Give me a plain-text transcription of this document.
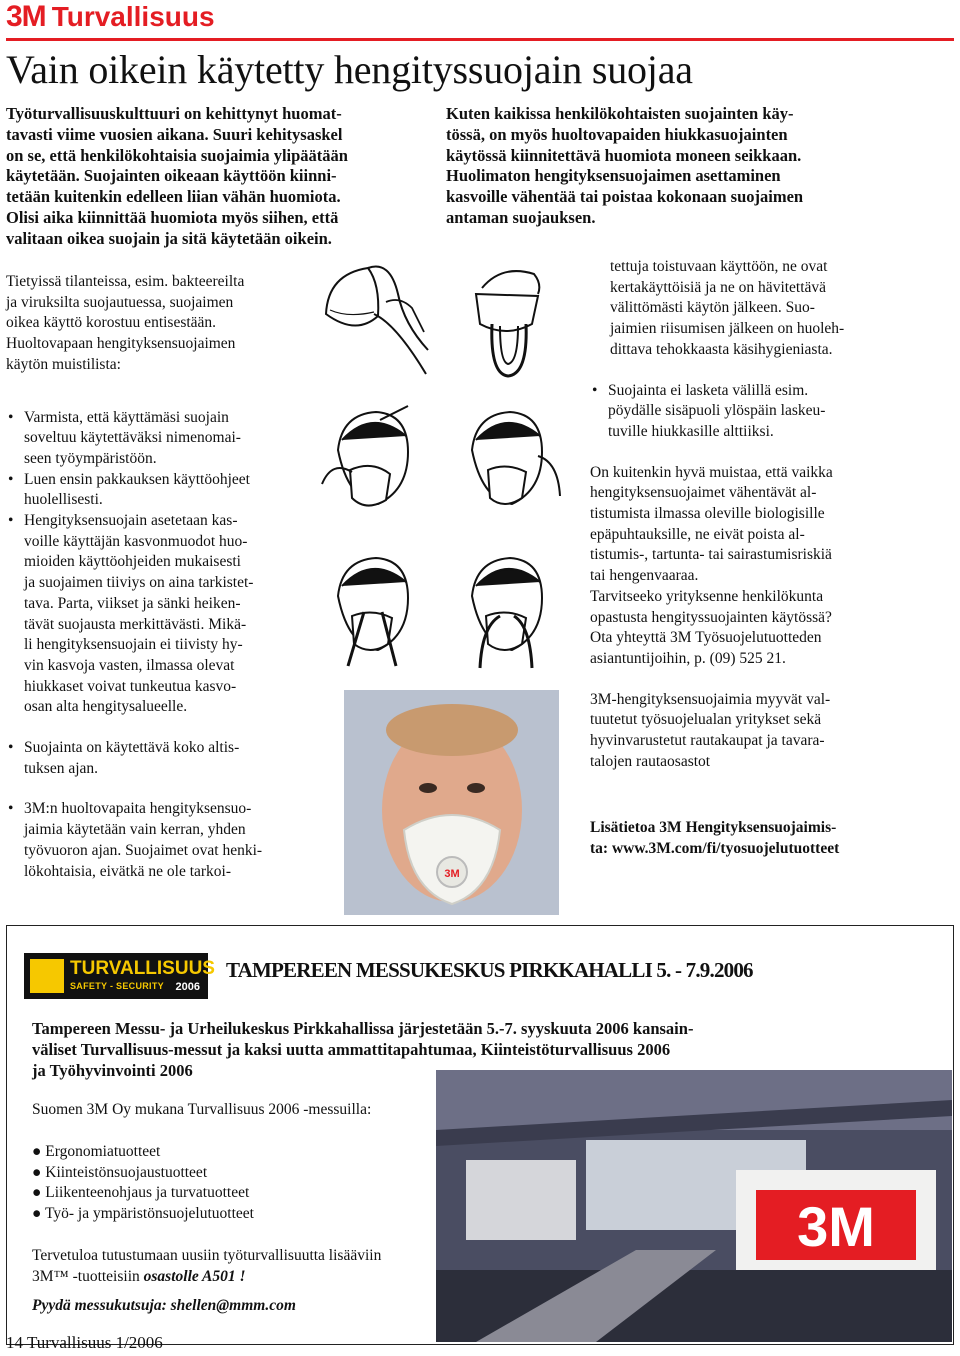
3M Turvallisuus
Vain oikein käytetty hengityssuojain suojaa
Työturvallisuuskulttuuri on kehittynyt huomat-
tavasti viime vuosien aikana. Suuri kehitysaskel
on se, että henkilökohtaisia suojaimia ylipäätään
käytetään. Suojainten oikeaan käyttöön kiinni-
tetään kuitenkin edelleen liian vähän huomiota.
Olisi aika kiinnittää huomiota myös siihen, että
valitaan oikea suojain ja sitä käytetään oikein.
Kuten kaikissa henkilökohtaisten suojainten käy-
tössä, on myös huoltovapaiden hiukkasuojainten
käytössä kiinnitettävä huomiota moneen seikkaan.
Huolimaton hengityksensuojaimen asettaminen
kasvoille vähentää tai poistaa kokonaan suojaimen
antaman suojauksen.
Tietyissä tilanteissa, esim. bakteereilta
ja viruksilta suojautuessa, suojaimen
oikea käyttö korostuu entisestään.
Huoltovapaan hengityksensuojaimen
käytön muistilista:
• Varmista, että käyttämäsi suojain
soveltuu käytettäväksi nimenomai-
seen työympäristöön.
• Luen ensin pakkauksen käyttöohjeet
huolellisesti.
• Hengityksensuojain asetetaan kas-
voille käyttäjän kasvonmuodot huo-
mioiden käyttöohjeiden mukaisesti
ja suojaimen tiiviys on aina tarkistet-
tava. Parta, viikset ja sänki heiken-
tävät suojausta merkittävästi. Mikä-
li hengityksensuojain ei tiivisty hy-
vin kasvoja vasten, ilmassa olevat
hiukkaset voivat tunkeutua kasvo-
osan alta hengitysalueelle.
• Suojainta on käytettävä koko altis-
tuksen ajan.
• 3M:n huoltovapaita hengityksensuo-
jaimia käytetään vain kerran, yhden
työvuoron ajan. Suojaimet ovat henki-
lökohtaisia, eivätkä ne ole tarkoi-	3M
tettuja toistuvaan käyttöön, ne ovat
kertakäyttöisiä ja ne on hävitettävä
välittömästi käytön jälkeen. Suo-
jaimien riisumisen jälkeen on huoleh-
dittava tehokkaasta käsihygieniasta.
• Suojainta ei lasketa välillä esim.
pöydälle sisäpuoli ylöspäin laskeu-
tuville hiukkasille alttiiksi.
On kuitenkin hyvä muistaa, että vaikka
hengityksensuojaimet vähentävät al-
tistumista ilmassa oleville biologisille
epäpuhtauksille, ne eivät poista al-
tistumis-, tartunta- tai sairastumisriskiä
tai hengenvaaraa.
Tarvitseeko yrityksenne henkilökunta
opastusta hengityssuojainten käytössä?
Ota yhteyttä 3M Työsuojelutuotteden
asiantuntijoihin, p. (09) 525 21.
3M-hengityksensuojaimia myyvät val-
tuutetut työsuojelualan yritykset sekä
hyvinvarustetut rautakaupat ja tavara-
talojen rautaosastot
Lisätietoa 3M Hengityksensuojaimis-
ta: www.3M.com/fi/tyosuojelutuotteet
TURVALLISUUS
SAFETY - SECURITY 2006
TAMPEREEN MESSUKESKUS PIRKKAHALLI 5. - 7.9.2006
Tampereen Messu- ja Urheilukeskus Pirkkahallissa järjestetään 5.-7. syyskuuta 2006 kansain-
väliset Turvallisuus-messut ja kaksi uutta ammattitapahtumaa, Kiinteistöturvallisuus 2006
ja Työhyvinvointi 2006
Suomen 3M Oy mukana Turvallisuus 2006 -messuilla:
● Ergonomiatuotteet
● Kiinteistönsuojaustuotteet
● Liikenteenohjaus ja turvatuotteet
● Työ- ja ympäristönsuojelutuotteet
Tervetuloa tutustumaan uusiin työturvallisuutta lisääviin
3M™ -tuotteisiin osastolle A501 !
Pyydä messukutsuja: shellen@mmm.com
3M
14 Turvallisuus 1/2006
